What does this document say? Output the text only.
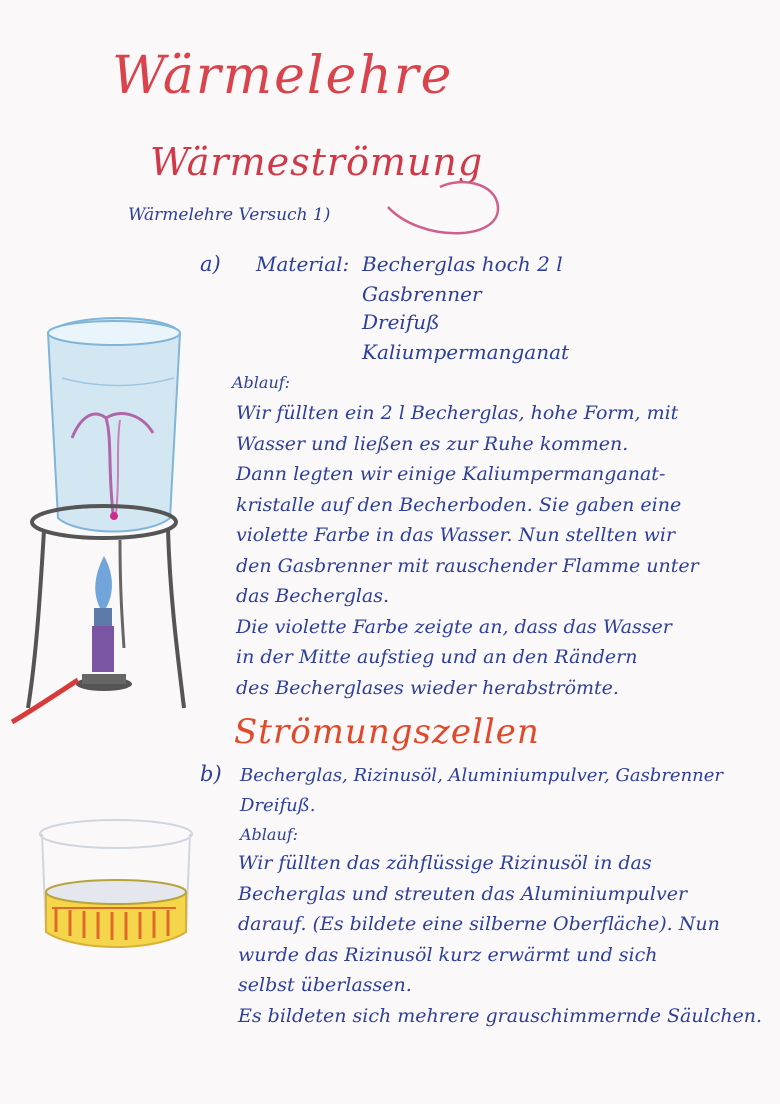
Wärmelehre
Wärmeströmung
Wärmelehre Versuch 1)
a) Material: Becherglas hoch 2 l
Gasbrenner
Dreifuß
Kaliumpermanganat
Ablauf:
Wir füllten ein 2 l Becherglas, hohe Form, mit
Wasser und ließen es zur Ruhe kommen.
Dann legten wir einige Kaliumpermanganat-
kristalle auf den Becherboden. Sie gaben eine
violette Farbe in das Wasser. Nun stellten wir
den Gasbrenner mit rauschender Flamme unter
das Becherglas.
Die violette Farbe zeigte an, dass das Wasser
in der Mitte aufstieg und an den Rändern
des Becherglases wieder herabströmte.
Strömungszellen
b) Becherglas, Rizinusöl, Aluminiumpulver, Gasbrenner
Dreifuß.
Ablauf:
Wir füllten das zähflüssige Rizinusöl in das
Becherglas und streuten das Aluminiumpulver
darauf. (Es bildete eine silberne Oberfläche). Nun
wurde das Rizinusöl kurz erwärmt und sich
selbst überlassen.
Es bildeten sich mehrere grauschimmernde Säulchen.
